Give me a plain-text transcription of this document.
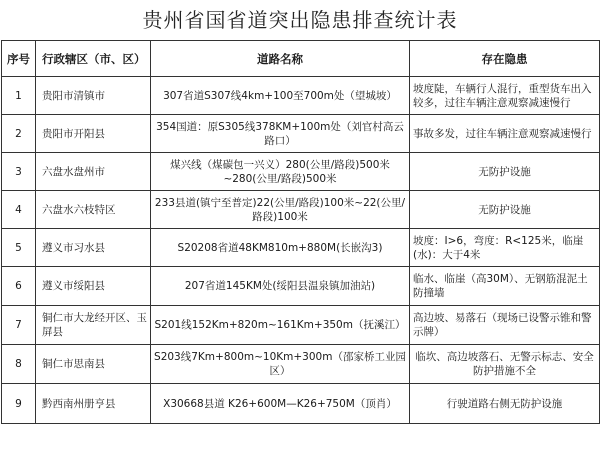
贵州省国省道突出隐患排查统计表
序号	行政辖区（市、区）	道路名称	存在隐患
1	贵阳市清镇市	307省道S307线4km+100至700m处（望城坡）	坡度陡，车辆行人混行，重型货车出入较多，过往车辆注意观察减速慢行
2	贵阳市开阳县	354国道：原S305线378KM+100m处（刘官村高云路口）	事故多发，过往车辆注意观察减速慢行
3	六盘水盘州市	煤兴线（煤碳包一兴义）280(公里/路段)500米~280(公里/路段)500米	无防护设施
4	六盘水六枝特区	233县道(镇宁至普定)22(公里/路段)100米~22(公里/路段)100米	无防护设施
5	遵义市习水县	S20208省道48KM810m+880M(长嵌沟3)	坡度：I>6，弯度：R<125米，临崖(水)：大于4米
6	遵义市绥阳县	207省道145KM处(绥阳县温泉镇加油站)	临水、临崖（高30M）、无钢筋混泥土防撞墙
7	铜仁市大龙经开区、玉屏县	S201线152Km+820m~161Km+350m（抚溪江）	高边坡、易落石（现场已设警示锥和警示牌）
8	铜仁市思南县	S203线7Km+800m~10Km+300m（邵家桥工业园区）	临坎、高边坡落石、无警示标志、安全防护措施不全
9	黔西南州册亨县	X30668县道 K26+600M—K26+750M（顶肖）	行驶道路右侧无防护设施
